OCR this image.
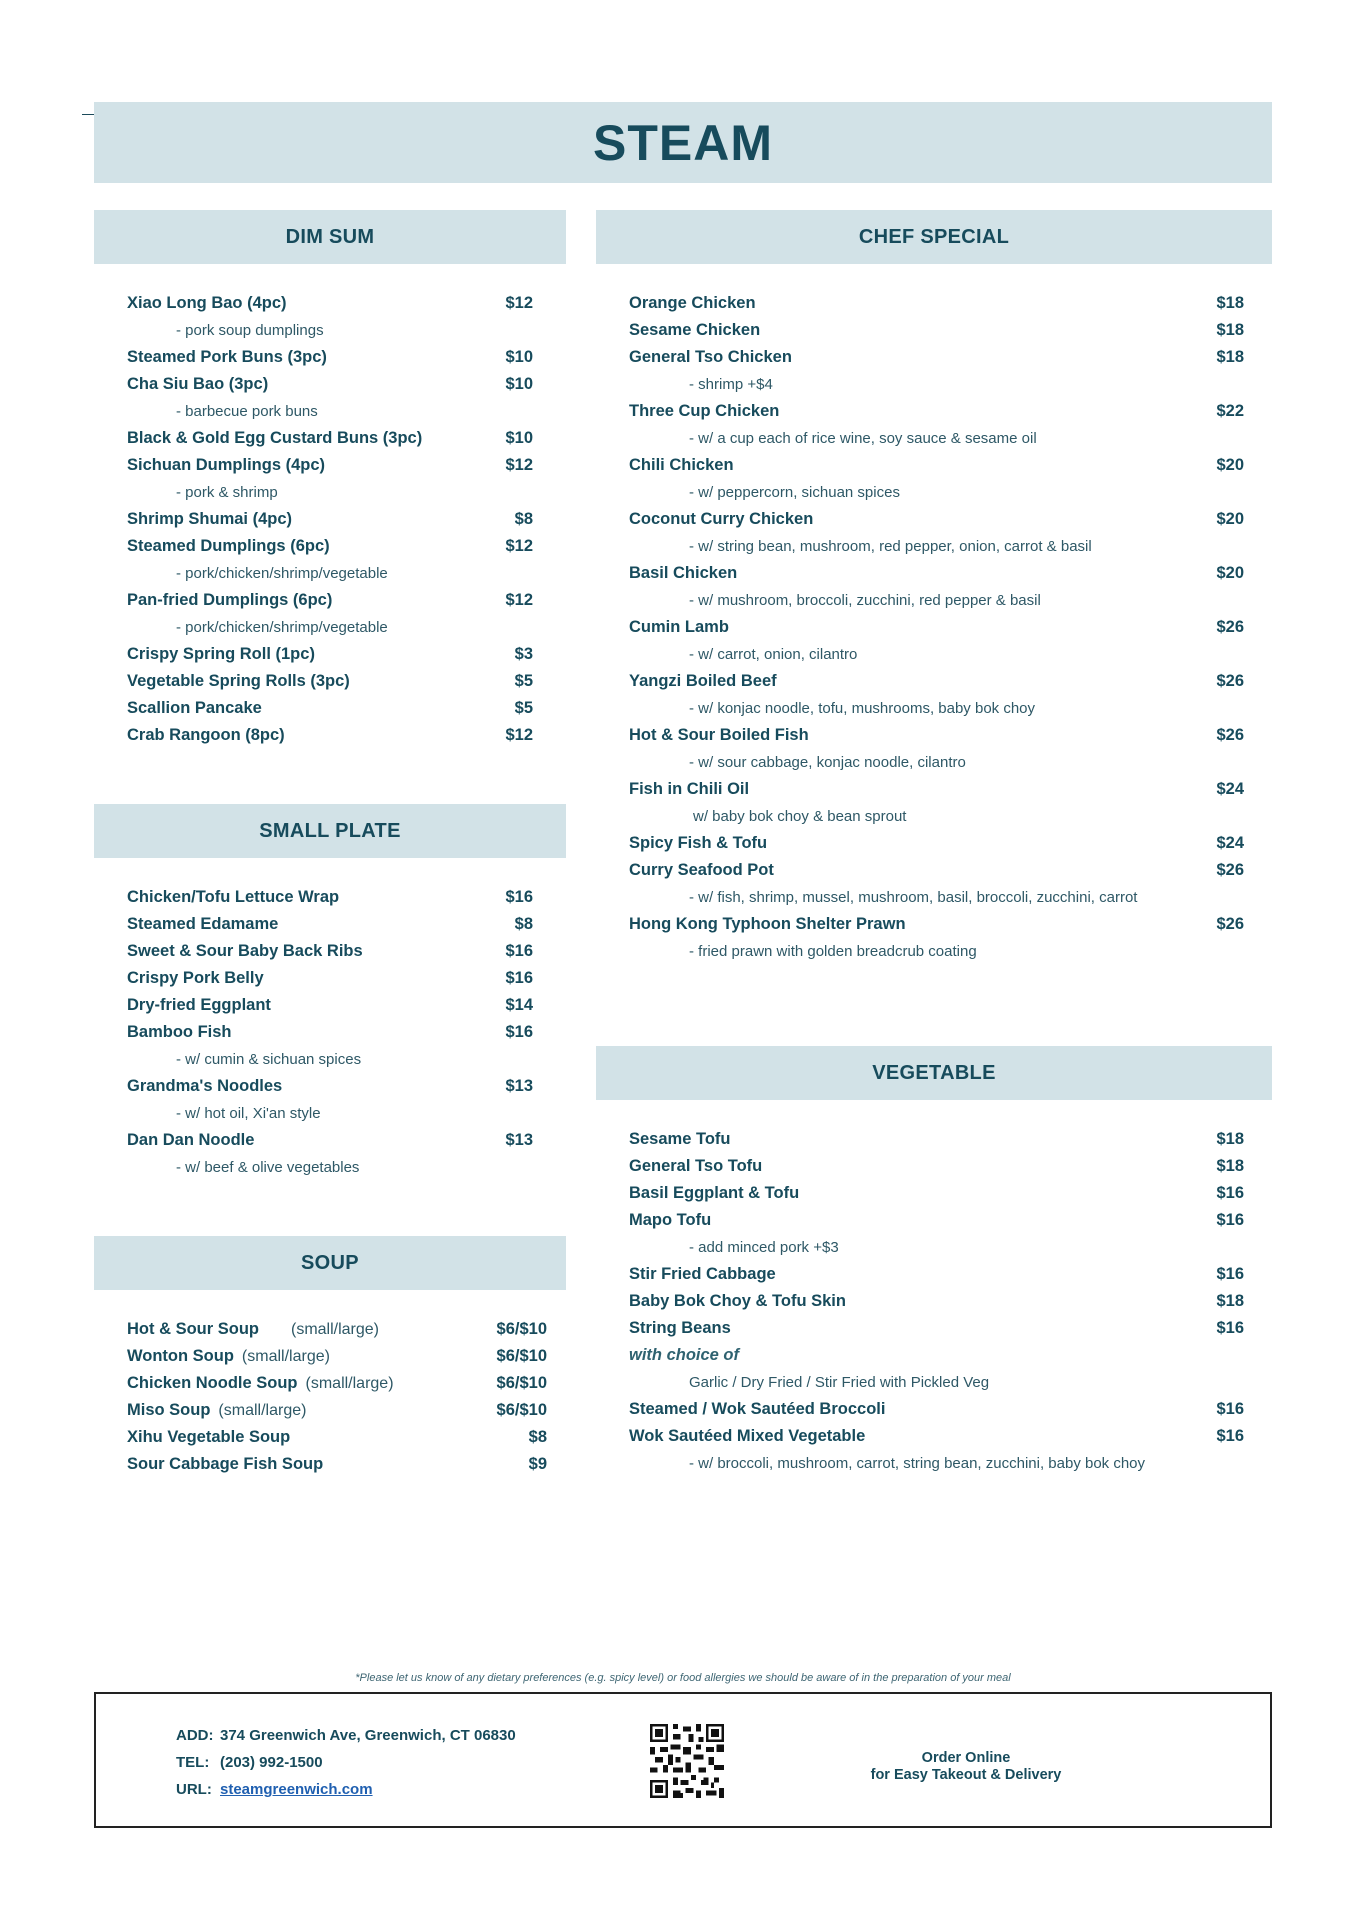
STEAM
DIM SUM
Xiao Long Bao (4pc)	$12
- pork soup dumplings
Steamed Pork Buns (3pc)	$10
Cha Siu Bao (3pc)	$10
- barbecue pork buns
Black & Gold Egg Custard Buns (3pc)	$10
Sichuan Dumplings (4pc)	$12
- pork & shrimp
Shrimp Shumai (4pc)	$8
Steamed Dumplings (6pc)	$12
- pork/chicken/shrimp/vegetable
Pan-fried Dumplings (6pc)	$12
- pork/chicken/shrimp/vegetable
Crispy Spring Roll (1pc)	$3
Vegetable Spring Rolls (3pc)	$5
Scallion Pancake	$5
Crab Rangoon (8pc)	$12
SMALL PLATE
Chicken/Tofu Lettuce Wrap	$16
Steamed Edamame	$8
Sweet & Sour Baby Back Ribs	$16
Crispy Pork Belly	$16
Dry-fried Eggplant	$14
Bamboo Fish	$16
- w/ cumin & sichuan spices
Grandma's Noodles	$13
- w/ hot oil, Xi'an style
Dan Dan Noodle	$13
- w/ beef & olive vegetables
SOUP
Hot & Sour Soup (small/large)	$6/$10
Wonton Soup (small/large)	$6/$10
Chicken Noodle Soup (small/large)	$6/$10
Miso Soup (small/large)	$6/$10
Xihu Vegetable Soup	$8
Sour Cabbage Fish Soup	$9
CHEF SPECIAL
Orange Chicken	$18
Sesame Chicken	$18
General Tso Chicken	$18
- shrimp +$4
Three Cup Chicken	$22
- w/ a cup each of rice wine, soy sauce & sesame oil
Chili Chicken	$20
- w/ peppercorn, sichuan spices
Coconut Curry Chicken	$20
- w/ string bean, mushroom, red pepper, onion, carrot & basil
Basil Chicken	$20
- w/ mushroom, broccoli, zucchini, red pepper & basil
Cumin Lamb	$26
- w/ carrot, onion, cilantro
Yangzi Boiled Beef	$26
- w/ konjac noodle, tofu, mushrooms, baby bok choy
Hot & Sour Boiled Fish	$26
- w/ sour cabbage, konjac noodle, cilantro
Fish in Chili Oil	$24
w/ baby bok choy & bean sprout
Spicy Fish & Tofu	$24
Curry Seafood Pot	$26
- w/ fish, shrimp, mussel, mushroom, basil, broccoli, zucchini, carrot
Hong Kong Typhoon Shelter Prawn	$26
- fried prawn with golden breadcrub coating
VEGETABLE
Sesame Tofu	$18
General Tso Tofu	$18
Basil Eggplant & Tofu	$16
Mapo Tofu	$16
- add minced pork +$3
Stir Fried Cabbage	$16
Baby Bok Choy & Tofu Skin	$18
String Beans	$16
with choice of
Garlic / Dry Fried / Stir Fried with Pickled Veg
Steamed / Wok Sautéed Broccoli	$16
Wok Sautéed Mixed Vegetable	$16
- w/ broccoli, mushroom, carrot, string bean, zucchini, baby bok choy
*Please let us know of any dietary preferences (e.g. spicy level) or food allergies we should be aware of in the preparation of your meal
ADD: 374 Greenwich Ave, Greenwich, CT 06830
TEL: (203) 992-1500
URL: steamgreenwich.com
Order Online
for Easy Takeout & Delivery
